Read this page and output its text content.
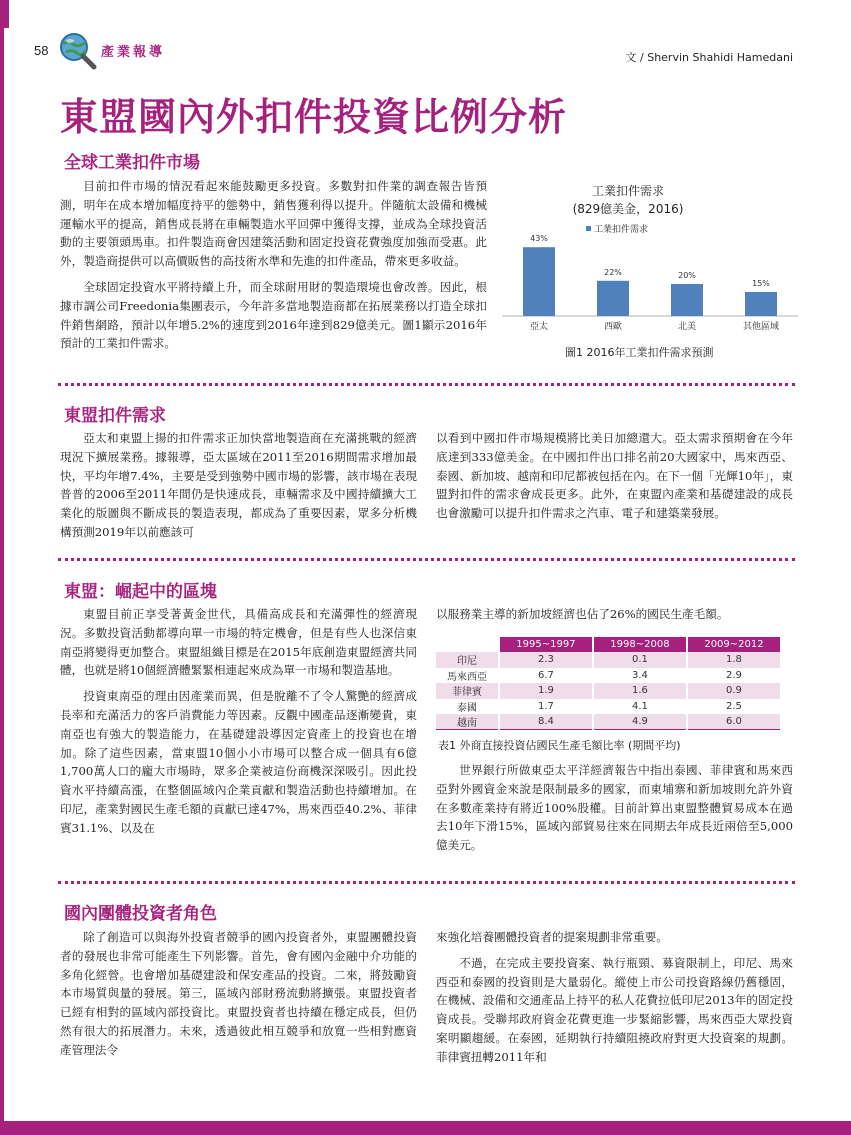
58	產業報導	文 / Shervin Shahidi Hamedani
東盟國內外扣件投資比例分析
全球工業扣件市場

目前扣件市場的情況看起來能鼓勵更多投資。多數對扣件業的調查報告皆預測，明年在成本增加幅度持平的態勢中，銷售獲利得以提升。伴隨航太設備和機械運輸水平的提高，銷售成長將在車輛製造水平回彈中獲得支撐，並成為全球投資活動的主要領頭馬車。扣件製造商會因建築活動和固定投資花費強度加強而受惠。此外，製造商提供可以高價販售的高技術水準和先進的扣件產品，帶來更多收益。

全球固定投資水平將持續上升，而全球耐用財的製造環境也會改善。因此，根據市調公司Freedonia集團表示，今年許多當地製造商都在拓展業務以打造全球扣件銷售網路，預計以年增5.2%的速度到2016年達到829億美元。圖1顯示2016年預計的工業扣件需求。

工業扣件需求
(829億美金，2016)
工業扣件需求
43%
亞太
22%
西歐
20%
北美
15%
其他區域
圖1 2016年工業扣件需求預測
東盟扣件需求

亞太和東盟上揚的扣件需求正加快當地製造商在充滿挑戰的經濟現況下擴展業務。據報導，亞太區域在2011至2016期間需求增加最快，平均年增7.4%，主要是受到強勢中國市場的影響，該市場在表現普普的2006至2011年間仍是快速成長，車輛需求及中國持續擴大工業化的版圖與不斷成長的製造表現，都成為了重要因素，眾多分析機構預測2019年以前應該可

以看到中國扣件市場規模將比美日加總還大。亞太需求預期會在今年底達到333億美金。在中國扣件出口排名前20大國家中，馬來西亞、泰國、新加坡、越南和印尼都被包括在內。在下一個「光輝10年」，東盟對扣件的需求會成長更多。此外，在東盟內產業和基礎建設的成長也會激勵可以提升扣件需求之汽車、電子和建築業發展。

東盟：崛起中的區塊

東盟目前正享受著黃金世代，具備高成長和充滿彈性的經濟現況。多數投資活動都導向單一市場的特定機會，但是有些人也深信東南亞將變得更加整合。東盟組織目標是在2015年底創造東盟經濟共同體，也就是將10個經濟體緊緊相連起來成為單一市場和製造基地。

投資東南亞的理由因產業而異，但是脫離不了令人驚艷的經濟成長率和充滿活力的客戶消費能力等因素。反觀中國產品逐漸變貴，東南亞也有強大的製造能力，在基礎建設導因定資產上的投資也在增加。除了這些因素，當東盟10個小小市場可以整合成一個具有6億1,700萬人口的龐大市場時，眾多企業被這份商機深深吸引。因此投資水平持續高漲，在整個區域內企業貢獻和製造活動也持續增加。在印尼，產業對國民生產毛額的貢獻已達47%，馬來西亞40.2%、菲律賓31.1%、以及在

以服務業主導的新加坡經濟也佔了26%的國民生產毛額。

	1995~1997	1998~2008	2009~2012
印尼	2.3	0.1	1.8
馬來西亞	6.7	3.4	2.9
菲律賓	1.9	1.6	0.9
泰國	1.7	4.1	2.5
越南	8.4	4.9	6.0
表1 外商直接投資佔國民生產毛額比率 (期間平均)

世界銀行所做東亞太平洋經濟報告中指出泰國、菲律賓和馬來西亞對外國資金來說是限制最多的國家，而東埔寨和新加坡則允許外資在多數產業持有將近100%股權。目前計算出東盟整體貿易成本在過去10年下滑15%，區域內部貿易往來在同期去年成長近兩倍至5,000億美元。

國內團體投資者角色

除了創造可以與海外投資者競爭的國內投資者外，東盟團體投資者的發展也非常可能產生下列影響。首先，會有國內金融中介功能的多角化經營。也會增加基礎建設和保安產品的投資。二來，將鼓勵資本市場質與量的發展。第三，區域內部財務流動將擴張。東盟投資者已經有相對的區域內部投資比。東盟投資者也持續在穩定成長，但仍然有很大的拓展潛力。未來，透過彼此相互競爭和放寬一些相對應資產管理法令

來強化培養團體投資者的提案規劃非常重要。

不過，在完成主要投資案、執行瓶頸、募資限制上，印尼、馬來西亞和泰國的投資則是大量弱化。縱使上市公司投資路線仍舊穩固，在機械、設備和交通產品上持平的私人花費拉低印尼2013年的固定投資成長。受聯邦政府資金花費更進一步緊縮影響，馬來西亞大眾投資案明顯趨緩。在泰國，延期執行持續阻撓政府對更大投資案的規劃。菲律賓扭轉2011年和
